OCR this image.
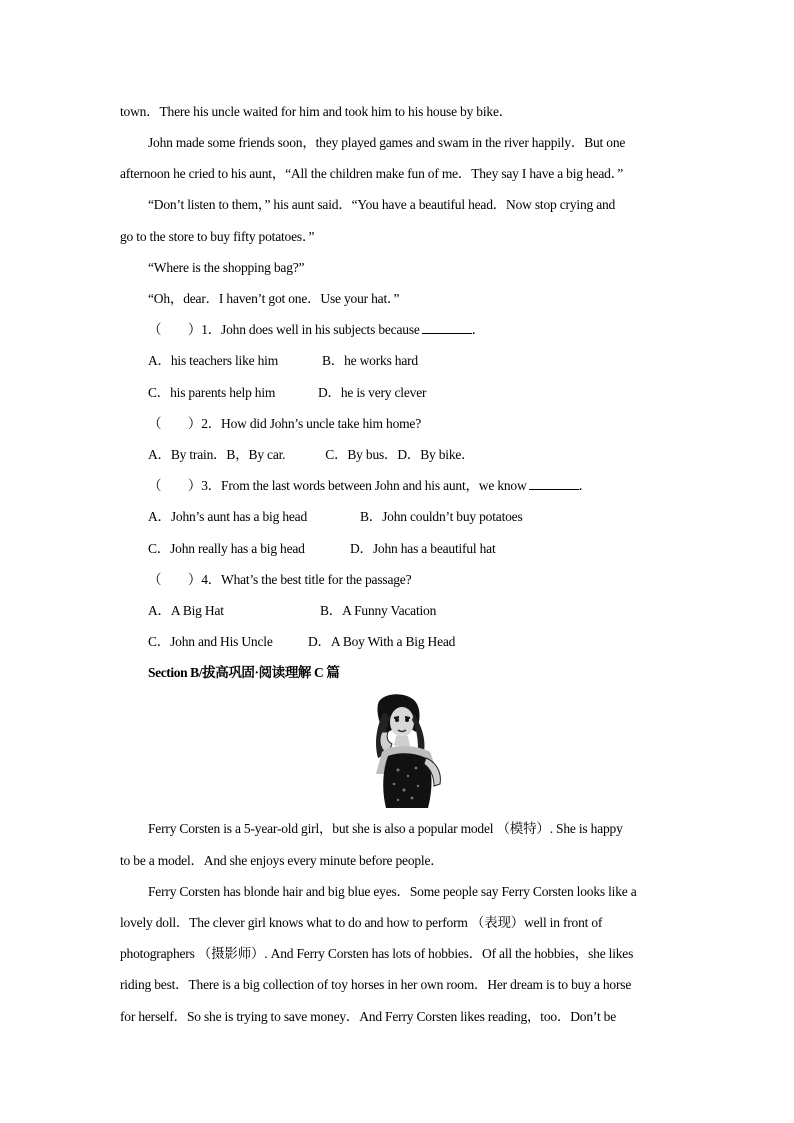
town．There his uncle waited for him and took him to his house by bike．
John made some friends soon，they played games and swam in the river happily．But one
afternoon he cried to his aunt，“All the children make fun of me．They say I have a big head．”
“Don’t listen to them，” his aunt said．“You have a beautiful head．Now stop crying and
go to the store to buy fifty potatoes．”
“Where is the shopping bag?”
“Oh，dear．I haven’t got one．Use your hat．”
（　　）1．John does well in his subjects because	．
A．his teachers like him	B．he works hard
C．his parents help him	D．he is very clever
（　　）2．How did John’s uncle take him home?
A．By train．B，By car.　　　C．By bus．D．By bike．
（　　）3．From the last words between John and his aunt，we know	．
A．John’s aunt has a big head	B．John couldn’t buy potatoes
C．John really has a big head	D．John has a beautiful hat
（　　）4．What’s the best title for the passage?
A．A Big Hat	B．A Funny Vacation
C．John and His Uncle	D．A Boy With a Big Head
Section B/拔高巩固·阅读理解 C 篇
Ferry Corsten is a 5-year-old girl，but she is also a popular model （模特）. She is happy
to be a model．And she enjoys every minute before people．
Ferry Corsten has blonde hair and big blue eyes．Some people say Ferry Corsten looks like a
lovely doll．The clever girl knows what to do and how to perform （表现）well in front of
photographers （摄影师）. And Ferry Corsten has lots of hobbies．Of all the hobbies，she likes
riding best．There is a big collection of toy horses in her own room．Her dream is to buy a horse
for herself．So she is trying to save money．And Ferry Corsten likes reading，too．Don’t be
